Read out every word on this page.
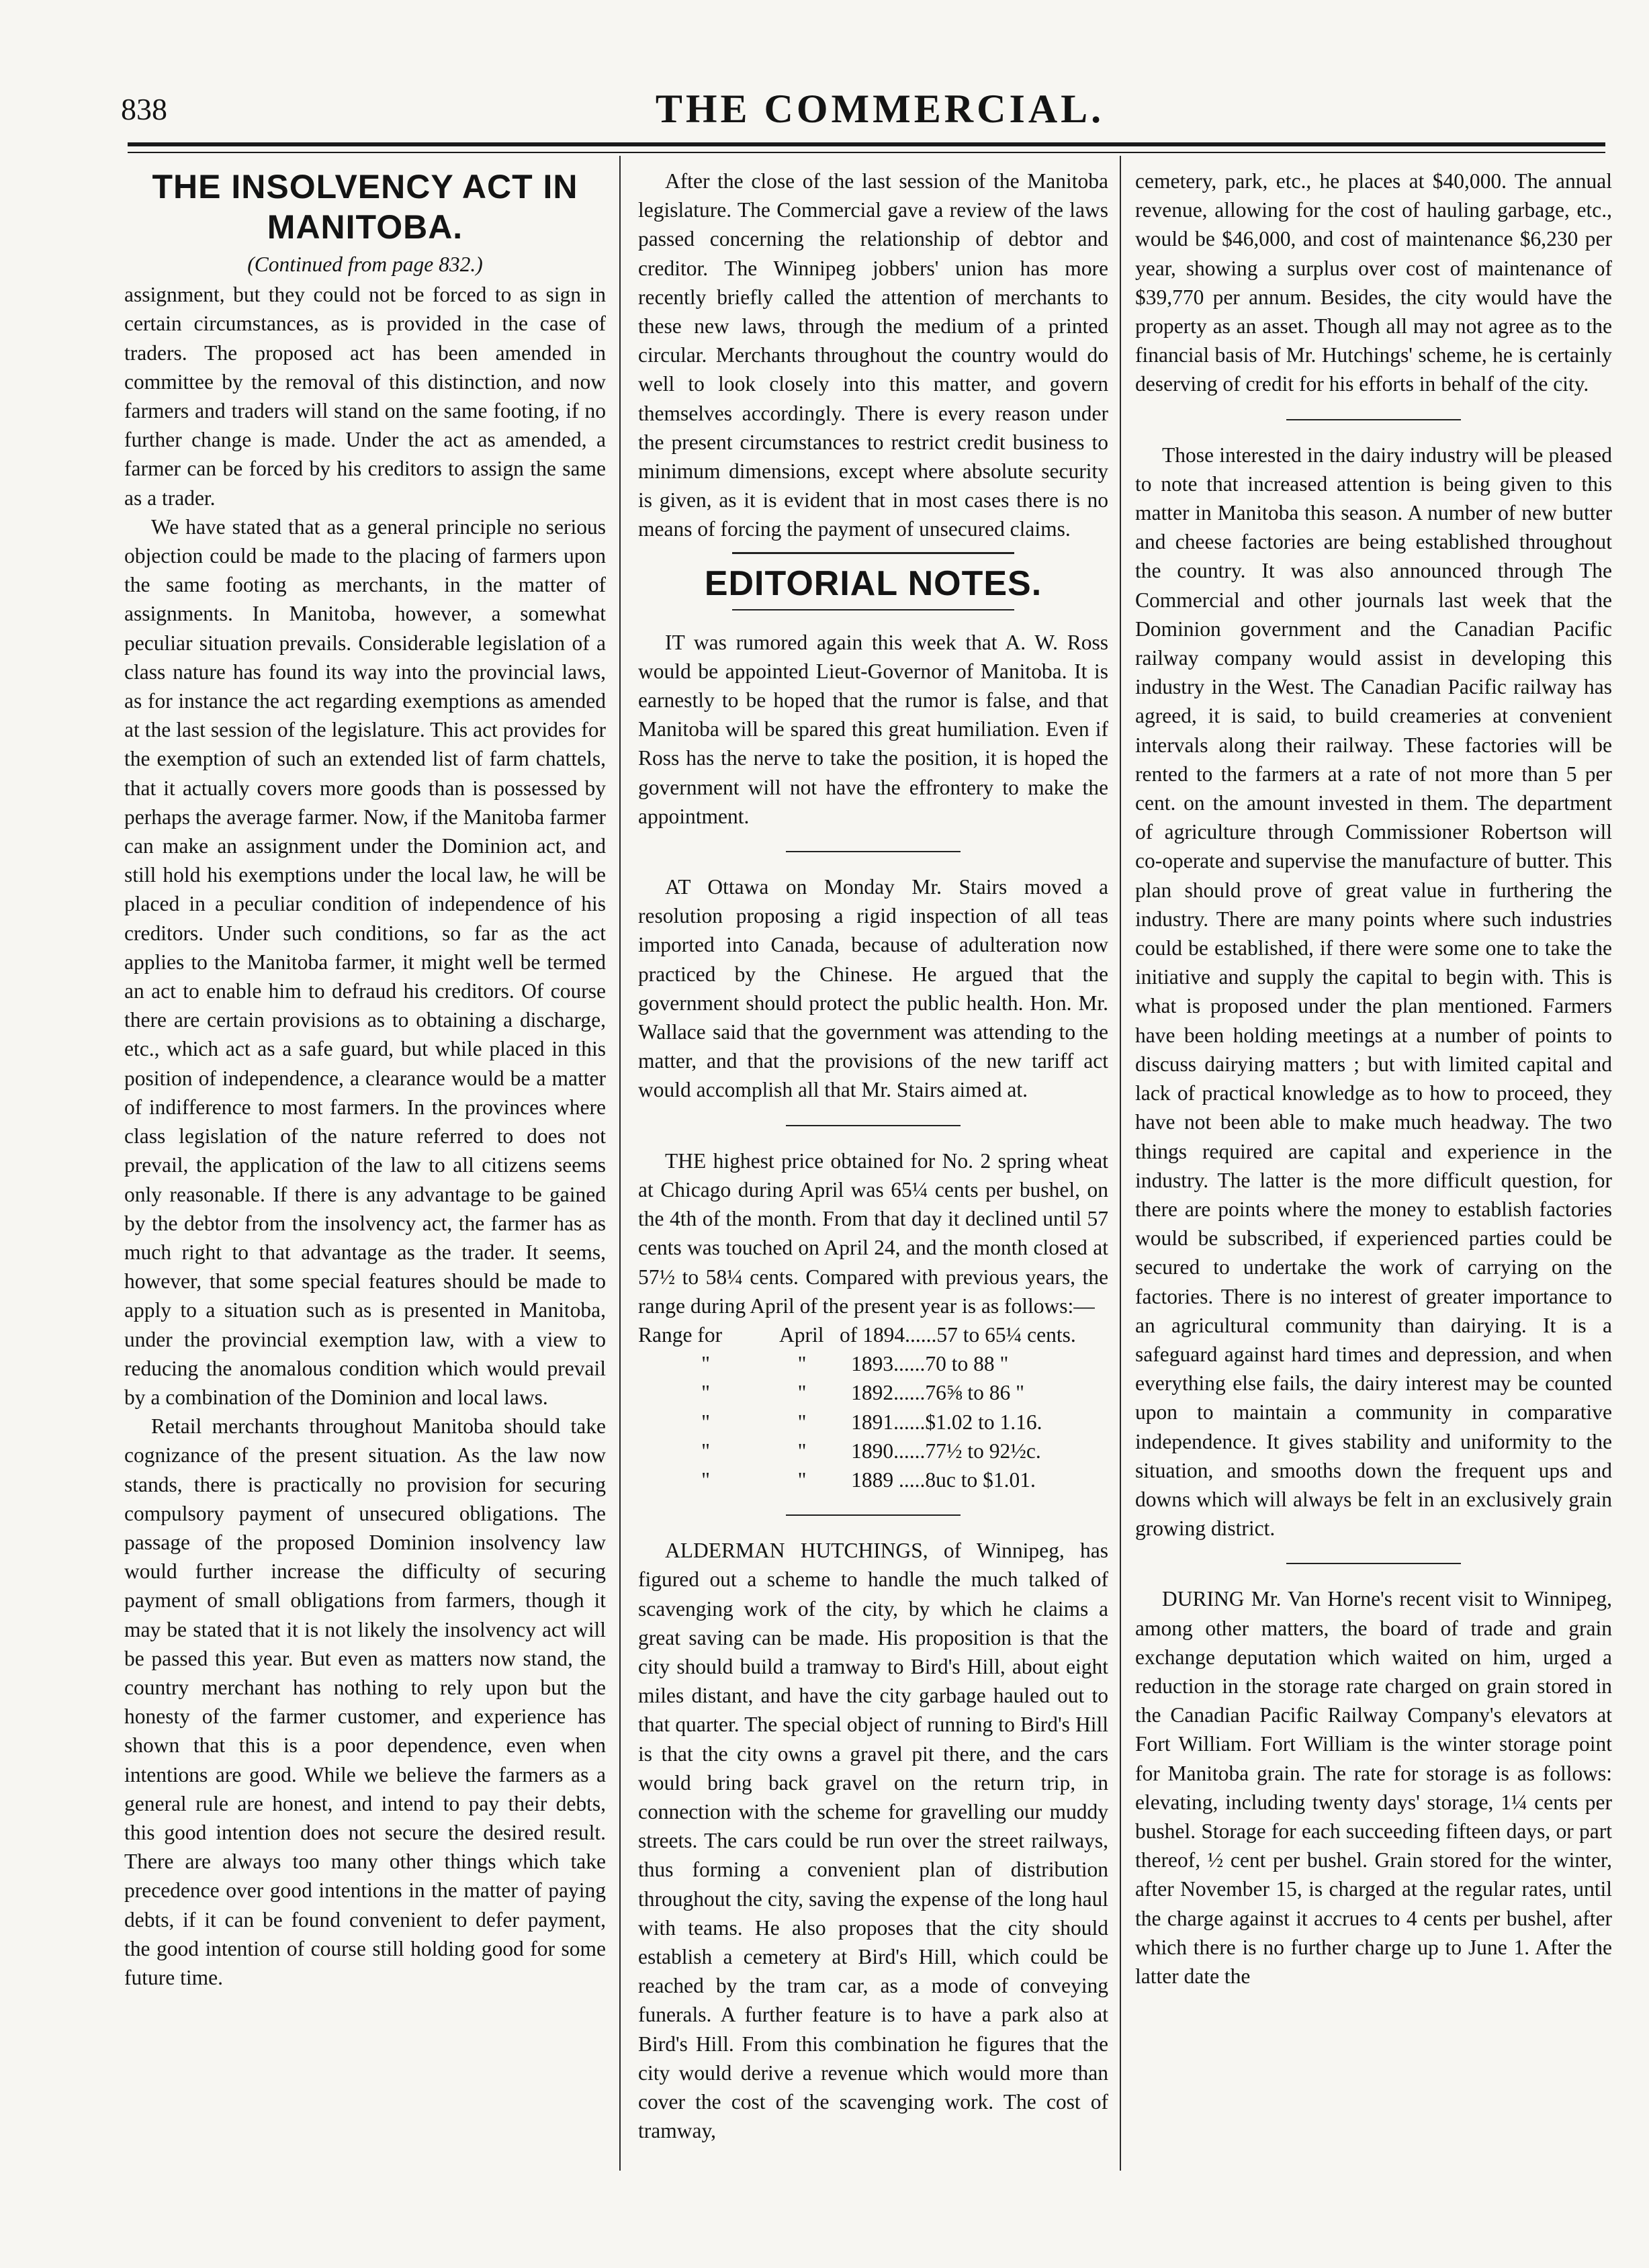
838	THE COMMERCIAL.
THE INSOLVENCY ACT IN MANITOBA.

(Continued from page 832.)

assignment, but they could not be forced to as sign in certain circumstances, as is provided in the case of traders. The proposed act has been amended in committee by the removal of this distinction, and now farmers and traders will stand on the same footing, if no further change is made. Under the act as amended, a farmer can be forced by his creditors to assign the same as a trader.

We have stated that as a general principle no serious objection could be made to the placing of farmers upon the same footing as merchants, in the matter of assignments. In Manitoba, however, a somewhat peculiar situation prevails. Considerable legislation of a class nature has found its way into the provincial laws, as for instance the act regarding exemptions as amended at the last session of the legislature. This act provides for the exemption of such an extended list of farm chattels, that it actually covers more goods than is possessed by perhaps the average farmer. Now, if the Manitoba farmer can make an assignment under the Dominion act, and still hold his exemptions under the local law, he will be placed in a peculiar condition of independence of his creditors. Under such conditions, so far as the act applies to the Manitoba farmer, it might well be termed an act to enable him to defraud his creditors. Of course there are certain provisions as to obtaining a discharge, etc., which act as a safe guard, but while placed in this position of independence, a clearance would be a matter of indifference to most farmers. In the provinces where class legislation of the nature referred to does not prevail, the application of the law to all citizens seems only reasonable. If there is any advantage to be gained by the debtor from the insolvency act, the farmer has as much right to that advantage as the trader. It seems, however, that some special features should be made to apply to a situation such as is presented in Manitoba, under the provincial exemption law, with a view to reducing the anomalous condition which would prevail by a combination of the Dominion and local laws.

Retail merchants throughout Manitoba should take cognizance of the present situation. As the law now stands, there is practically no provision for securing compulsory payment of unsecured obligations. The passage of the proposed Dominion insolvency law would further increase the difficulty of securing payment of small obligations from farmers, though it may be stated that it is not likely the insolvency act will be passed this year. But even as matters now stand, the country merchant has nothing to rely upon but the honesty of the farmer customer, and experience has shown that this is a poor dependence, even when intentions are good. While we believe the farmers as a general rule are honest, and intend to pay their debts, this good intention does not secure the desired result. There are always too many other things which take precedence over good intentions in the matter of paying debts, if it can be found convenient to defer payment, the good intention of course still holding good for some future time.

After the close of the last session of the Manitoba legislature. The Commercial gave a review of the laws passed concerning the relationship of debtor and creditor. The Winnipeg jobbers' union has more recently briefly called the attention of merchants to these new laws, through the medium of a printed circular. Merchants throughout the country would do well to look closely into this matter, and govern themselves accordingly. There is every reason under the present circumstances to restrict credit business to minimum dimensions, except where absolute security is given, as it is evident that in most cases there is no means of forcing the payment of unsecured claims.

EDITORIAL NOTES.

IT was rumored again this week that A. W. Ross would be appointed Lieut-Governor of Manitoba. It is earnestly to be hoped that the rumor is false, and that Manitoba will be spared this great humiliation. Even if Ross has the nerve to take the position, it is hoped the government will not have the effrontery to make the appointment.

AT Ottawa on Monday Mr. Stairs moved a resolution proposing a rigid inspection of all teas imported into Canada, because of adulteration now practiced by the Chinese. He argued that the government should protect the public health. Hon. Mr. Wallace said that the government was attending to the matter, and that the provisions of the new tariff act would accomplish all that Mr. Stairs aimed at.

THE highest price obtained for No. 2 spring wheat at Chicago during April was 65¼ cents per bushel, on the 4th of the month. From that day it declined until 57 cents was touched on April 24, and the month closed at 57½ to 58¼ cents. Compared with previous years, the range during April of the present year is as follows:—

Range for	April of 1894......57 to 65¼ cents.
"	"	1893......70 to 88 "
"	"	1892......76⅝ to 86 "
"	"	1891......$1.02 to 1.16.
"	"	1890......77½ to 92½c.
"	"	1889 .....8uc to $1.01.

ALDERMAN HUTCHINGS, of Winnipeg, has figured out a scheme to handle the much talked of scavenging work of the city, by which he claims a great saving can be made. His proposition is that the city should build a tramway to Bird's Hill, about eight miles distant, and have the city garbage hauled out to that quarter. The special object of running to Bird's Hill is that the city owns a gravel pit there, and the cars would bring back gravel on the return trip, in connection with the scheme for gravelling our muddy streets. The cars could be run over the street railways, thus forming a convenient plan of distribution throughout the city, saving the expense of the long haul with teams. He also proposes that the city should establish a cemetery at Bird's Hill, which could be reached by the tram car, as a mode of conveying funerals. A further feature is to have a park also at Bird's Hill. From this combination he figures that the city would derive a revenue which would more than cover the cost of the scavenging work. The cost of tramway,

cemetery, park, etc., he places at $40,000. The annual revenue, allowing for the cost of hauling garbage, etc., would be $46,000, and cost of maintenance $6,230 per year, showing a surplus over cost of maintenance of $39,770 per annum. Besides, the city would have the property as an asset. Though all may not agree as to the financial basis of Mr. Hutchings' scheme, he is certainly deserving of credit for his efforts in behalf of the city.

Those interested in the dairy industry will be pleased to note that increased attention is being given to this matter in Manitoba this season. A number of new butter and cheese factories are being established throughout the country. It was also announced through The Commercial and other journals last week that the Dominion government and the Canadian Pacific railway company would assist in developing this industry in the West. The Canadian Pacific railway has agreed, it is said, to build creameries at convenient intervals along their railway. These factories will be rented to the farmers at a rate of not more than 5 per cent. on the amount invested in them. The department of agriculture through Commissioner Robertson will co-operate and supervise the manufacture of butter. This plan should prove of great value in furthering the industry. There are many points where such industries could be established, if there were some one to take the initiative and supply the capital to begin with. This is what is proposed under the plan mentioned. Farmers have been holding meetings at a number of points to discuss dairying matters ; but with limited capital and lack of practical knowledge as to how to proceed, they have not been able to make much headway. The two things required are capital and experience in the industry. The latter is the more difficult question, for there are points where the money to establish factories would be subscribed, if experienced parties could be secured to undertake the work of carrying on the factories. There is no interest of greater importance to an agricultural community than dairying. It is a safeguard against hard times and depression, and when everything else fails, the dairy interest may be counted upon to maintain a community in comparative independence. It gives stability and uniformity to the situation, and smooths down the frequent ups and downs which will always be felt in an exclusively grain growing district.

DURING Mr. Van Horne's recent visit to Winnipeg, among other matters, the board of trade and grain exchange deputation which waited on him, urged a reduction in the storage rate charged on grain stored in the Canadian Pacific Railway Company's elevators at Fort William. Fort William is the winter storage point for Manitoba grain. The rate for storage is as follows: elevating, including twenty days' storage, 1¼ cents per bushel. Storage for each succeeding fifteen days, or part thereof, ½ cent per bushel. Grain stored for the winter, after November 15, is charged at the regular rates, until the charge against it accrues to 4 cents per bushel, after which there is no further charge up to June 1. After the latter date the
